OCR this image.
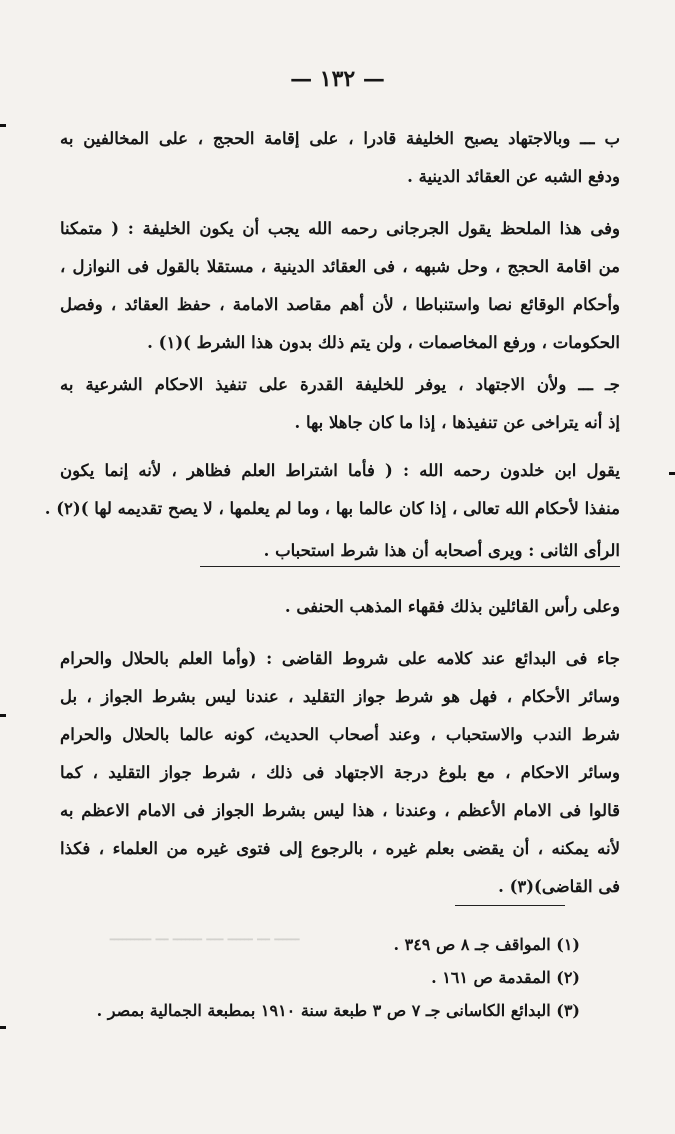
— ١٣٢ —
ب ـــ وبالاجتهاد يصبح الخليفة قادرا ، على إقامة الحجج ، على المخالفين به
ودفع الشبه عن العقائد الدينية .
وفى هذا الملحظ يقول الجرجانى رحمه الله يجب أن يكون الخليفة : ( متمكنا
من اقامة الحجج ، وحل شبهه ، فى العقائد الدينية ، مستقلا بالقول فى النوازل ،
وأحكام الوقائع نصا واستنباطا ، لأن أهم مقاصد الامامة ، حفظ العقائد ، وفصل
الحكومات ، ورفع المخاصمات ، ولن يتم ذلك بدون هذا الشرط )(١) .
جـ ـــ ولأن الاجتهاد ، يوفر للخليفة القدرة على تنفيذ الاحكام الشرعية به
إذ أنه يتراخى عن تنفيذها ، إذا ما كان جاهلا بها .
يقول ابن خلدون رحمه الله : ( فأما اشتراط العلم فظاهر ، لأنه إنما يكون
منفذا لأحكام الله تعالى ، إذا كان عالما بها ، وما لم يعلمها ، لا يصح تقديمه لها )(٢) .
الرأى الثانى : ويرى أصحابه أن هذا شرط استحباب .
وعلى رأس القائلين بذلك فقهاء المذهب الحنفى .
جاء فى البدائع عند كلامه على شروط القاضى : (وأما العلم بالحلال والحرام
وسائر الأحكام ، فهل هو شرط جواز التقليد ، عندنا ليس بشرط الجواز ، بل
شرط الندب والاستحباب ، وعند أصحاب الحديث، كونه عالما بالحلال والحرام
وسائر الاحكام ، مع بلوغ درجة الاجتهاد فى ذلك ، شرط جواز التقليد ، كما
قالوا فى الامام الأعظم ، وعندنا ، هذا ليس بشرط الجواز فى الامام الاعظم به
لأنه يمكنه ، أن يقضى بعلم غيره ، بالرجوع إلى فتوى غيره من العلماء ، فكذا
فى القاضى)(٣) .
ــــــــــ ـــ ـــــــ ــــ ــــــ ـــ ــــــ	(١) المواقف جـ ٨ ص ٣٤٩ .
(٢) المقدمة ص ١٦١ .
(٣) البدائع الكاسانى جـ ٧ ص ٣ طبعة سنة ١٩١٠ بمطبعة الجمالية بمصر .
